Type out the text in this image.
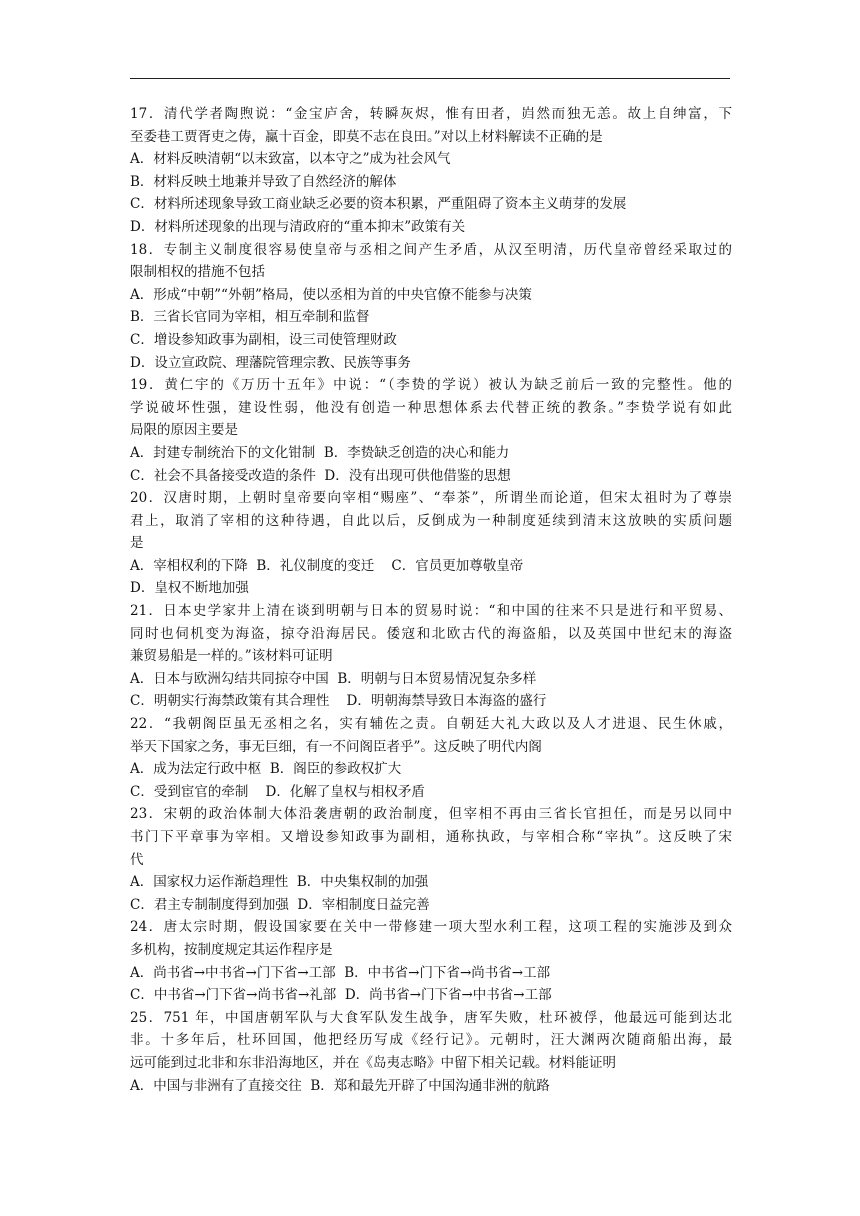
17．清代学者陶煦说：“金宝庐舍，转瞬灰烬，惟有田者，岿然而独无恙。故上自绅富，下
至委巷工贾胥吏之俦，赢十百金，即莫不志在良田。”对以上材料解读不正确的是
A．材料反映清朝“以末致富，以本守之”成为社会风气
B．材料反映土地兼并导致了自然经济的解体
C．材料所述现象导致工商业缺乏必要的资本积累，严重阻碍了资本主义萌芽的发展
D．材料所述现象的出现与清政府的“重本抑末”政策有关
18．专制主义制度很容易使皇帝与丞相之间产生矛盾，从汉至明清，历代皇帝曾经采取过的
限制相权的措施不包括
A．形成“中朝”“外朝”格局，使以丞相为首的中央官僚不能参与决策
B．三省长官同为宰相，相互牵制和监督
C．增设参知政事为副相，设三司使管理财政
D．设立宣政院、理藩院管理宗教、民族等事务
19．黄仁宇的《万历十五年》中说：“（李贽的学说）被认为缺乏前后一致的完整性。他的
学说破坏性强，建设性弱，他没有创造一种思想体系去代替正统的教条。”李贽学说有如此
局限的原因主要是
A．封建专制统治下的文化钳制  B．李贽缺乏创造的决心和能力
C．社会不具备接受改造的条件  D．没有出现可供他借鉴的思想
20．汉唐时期，上朝时皇帝要向宰相“赐座”、“奉茶”，所谓坐而论道，但宋太祖时为了尊崇
君上，取消了宰相的这种待遇，自此以后，反倒成为一种制度延续到清末这放映的实质问题
是
A．宰相权利的下降  B．礼仪制度的变迁    C．官员更加尊敬皇帝
D．皇权不断地加强
21．日本史学家井上清在谈到明朝与日本的贸易时说：“和中国的往来不只是进行和平贸易、
同时也伺机变为海盗，掠夺沿海居民。倭寇和北欧古代的海盗船，以及英国中世纪末的海盗
兼贸易船是一样的。”该材料可证明
A．日本与欧洲勾结共同掠夺中国  B．明朝与日本贸易情况复杂多样
C．明朝实行海禁政策有其合理性    D．明朝海禁导致日本海盗的盛行
22．“我朝阁臣虽无丞相之名，实有辅佐之责。自朝廷大礼大政以及人才进退、民生休戚，
举天下国家之务，事无巨细，有一不问阁臣者乎”。这反映了明代内阁
A．成为法定行政中枢  B．阁臣的参政权扩大
C．受到宦官的牵制    D．化解了皇权与相权矛盾
23．宋朝的政治体制大体沿袭唐朝的政治制度，但宰相不再由三省长官担任，而是另以同中
书门下平章事为宰相。又增设参知政事为副相，通称执政，与宰相合称“宰执”。这反映了宋
代
A．国家权力运作渐趋理性  B．中央集权制的加强
C．君主专制制度得到加强  D．宰相制度日益完善
24．唐太宗时期，假设国家要在关中一带修建一项大型水利工程，这项工程的实施涉及到众
多机构，按制度规定其运作程序是
A．尚书省→中书省→门下省→工部  B．中书省→门下省→尚书省→工部
C．中书省→门下省→尚书省→礼部  D．尚书省→门下省→中书省→工部
25．751 年，中国唐朝军队与大食军队发生战争，唐军失败，杜环被俘，他最远可能到达北
非。十多年后，杜环回国，他把经历写成《经行记》。元朝时，汪大渊两次随商船出海，最
远可能到过北非和东非沿海地区，并在《岛夷志略》中留下相关记载。材料能证明
A．中国与非洲有了直接交往  B．郑和最先开辟了中国沟通非洲的航路
